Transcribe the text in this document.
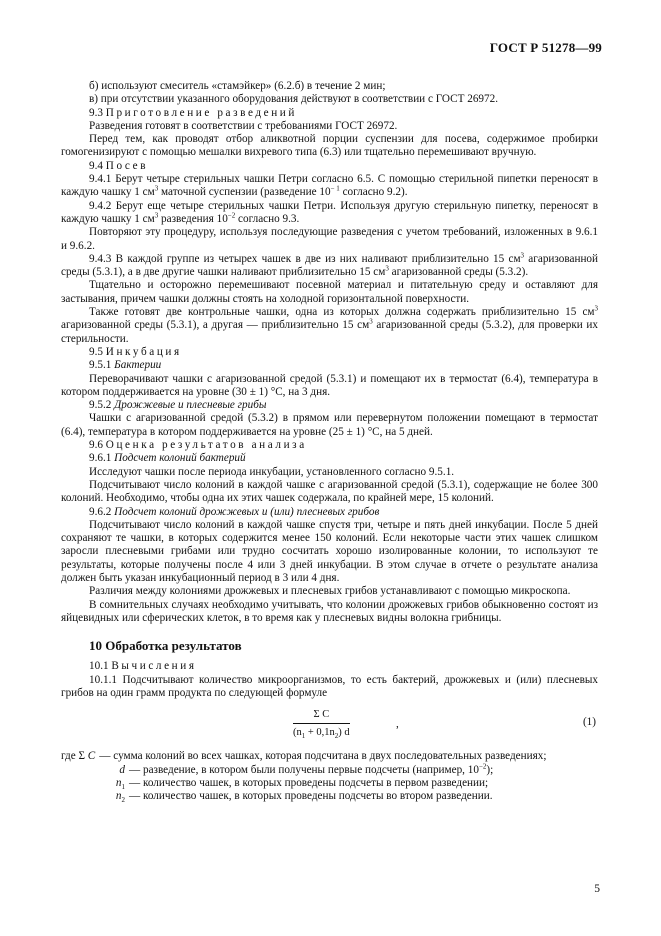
ГОСТ Р 51278—99

б) используют смеситель «стамэйкер» (6.2.б) в течение 2 мин;

в) при отсутствии указанного оборудования действуют в соответствии с ГОСТ 26972.

9.3 Приготовление разведений

Разведения готовят в соответствии с требованиями ГОСТ 26972.

Перед тем, как проводят отбор аликвотной порции суспензии для посева, содержимое пробирки гомогенизируют с помощью мешалки вихревого типа (6.3) или тщательно перемешивают вручную.

9.4 Посев

9.4.1 Берут четыре стерильных чашки Петри согласно 6.5. С помощью стерильной пипетки переносят в каждую чашку 1 $см^3$ маточной суспензии (разведение $10^{- 1}$ согласно 9.2).

9.4.2 Берут еще четыре стерильных чашки Петри. Используя другую стерильную пипетку, переносят в каждую чашку 1 $см^3$ разведения $10^{-2}$ согласно 9.3.

Повторяют эту процедуру, используя последующие разведения с учетом требований, изложенных в 9.6.1 и 9.6.2.

9.4.3 В каждой группе из четырех чашек в две из них наливают приблизительно 15 $см^3$ агаризованной среды (5.3.1), а в две другие чашки наливают приблизительно 15 $см^3$ агаризованной среды (5.3.2).

Тщательно и осторожно перемешивают посевной материал и питательную среду и оставляют для застывания, причем чашки должны стоять на холодной горизонтальной поверхности.

Также готовят две контрольные чашки, одна из которых должна содержать приблизительно 15 $см^3$ агаризованной среды (5.3.1), а другая — приблизительно 15 $см^3$ агаризованной среды (5.3.2), для проверки их стерильности.

9.5 Инкубация

9.5.1 Бактерии

Переворачивают чашки с агаризованной средой (5.3.1) и помещают их в термостат (6.4), температура в котором поддерживается на уровне (30 ± 1) °С, на 3 дня.

9.5.2 Дрожжевые и плесневые грибы

Чашки с агаризованной средой (5.3.2) в прямом или перевернутом положении помещают в термостат (6.4), температура в котором поддерживается на уровне (25 ± 1) °С, на 5 дней.

9.6 Оценка результатов анализа

9.6.1 Подсчет колоний бактерий

Исследуют чашки после периода инкубации, установленного согласно 9.5.1.

Подсчитывают число колоний в каждой чашке с агаризованной средой (5.3.1), содержащие не более 300 колоний. Необходимо, чтобы одна их этих чашек содержала, по крайней мере, 15 колоний.

9.6.2 Подсчет колоний дрожжевых и (или) плесневых грибов

Подсчитывают число колоний в каждой чашке спустя три, четыре и пять дней инкубации. После 5 дней сохраняют те чашки, в которых содержится менее 150 колоний. Если некоторые части этих чашек слишком заросли плесневыми грибами или трудно сосчитать хорошо изолированные колонии, то используют те результаты, которые получены после 4 или 3 дней инкубации. В этом случае в отчете о результате анализа должен быть указан инкубационный период в 3 или 4 дня.

Различия между колониями дрожжевых и плесневых грибов устанавливают с помощью микроскопа.

В сомнительных случаях необходимо учитывать, что колонии дрожжевых грибов обыкновенно состоят из яйцевидных или сферических клеток, в то время как у плесневых видны волокна грибницы.

10 Обработка результатов

10.1 Вычисления

10.1.1 Подсчитывают количество микроорганизмов, то есть бактерий, дрожжевых и (или) плесневых грибов на один грамм продукта по следующей формуле

$\frac{\text{Σ C}}{(n_1 + 0,1n_2) d}$	,	(1)
где Σ C — сумма колоний во всех чашках, которая подсчитана в двух последовательных разведениях;
d — разведение, в котором были получены первые подсчеты (например, $10^{-2}$);
$n_1$ — количество чашек, в которых проведены подсчеты в первом разведении;
$n_2$ — количество чашек, в которых проведены подсчеты во втором разведении.
5
